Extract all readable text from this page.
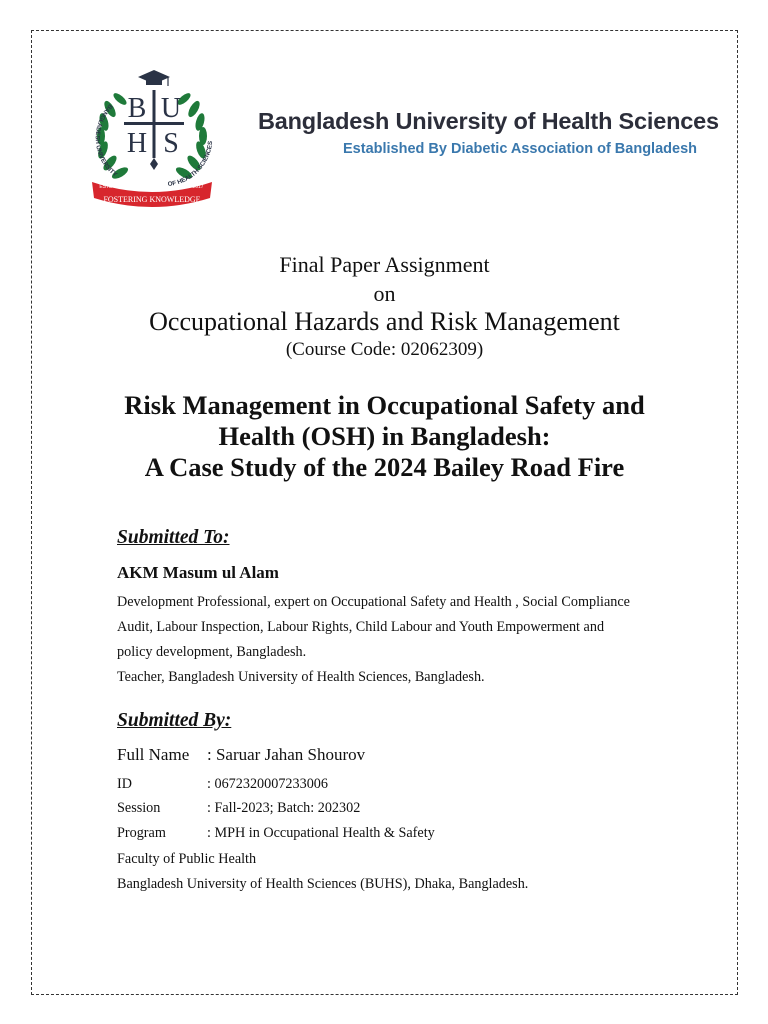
B U
H S
BANGLADESH UNIVERSITY
OF HEALTH SCIENCES
FOSTERING KNOWLEDGE
ESTD	2017
Bangladesh University of Health Sciences
Established By Diabetic Association of Bangladesh
Final Paper Assignment
on
Occupational Hazards and Risk Management
(Course Code: 02062309)
Risk Management in Occupational Safety and
Health (OSH) in Bangladesh:
A Case Study of the 2024 Bailey Road Fire
Submitted To:
AKM Masum ul Alam
Development Professional, expert on Occupational Safety and Health , Social Compliance
Audit, Labour Inspection, Labour Rights, Child Labour and Youth Empowerment and
policy development, Bangladesh.
Teacher, Bangladesh University of Health Sciences, Bangladesh.
Submitted By:
Full Name : Saruar Jahan Shourov
ID	: 0672320007233006
Session	: Fall-2023; Batch: 202302
Program	: MPH in Occupational Health & Safety
Faculty of Public Health
Bangladesh University of Health Sciences (BUHS), Dhaka, Bangladesh.
